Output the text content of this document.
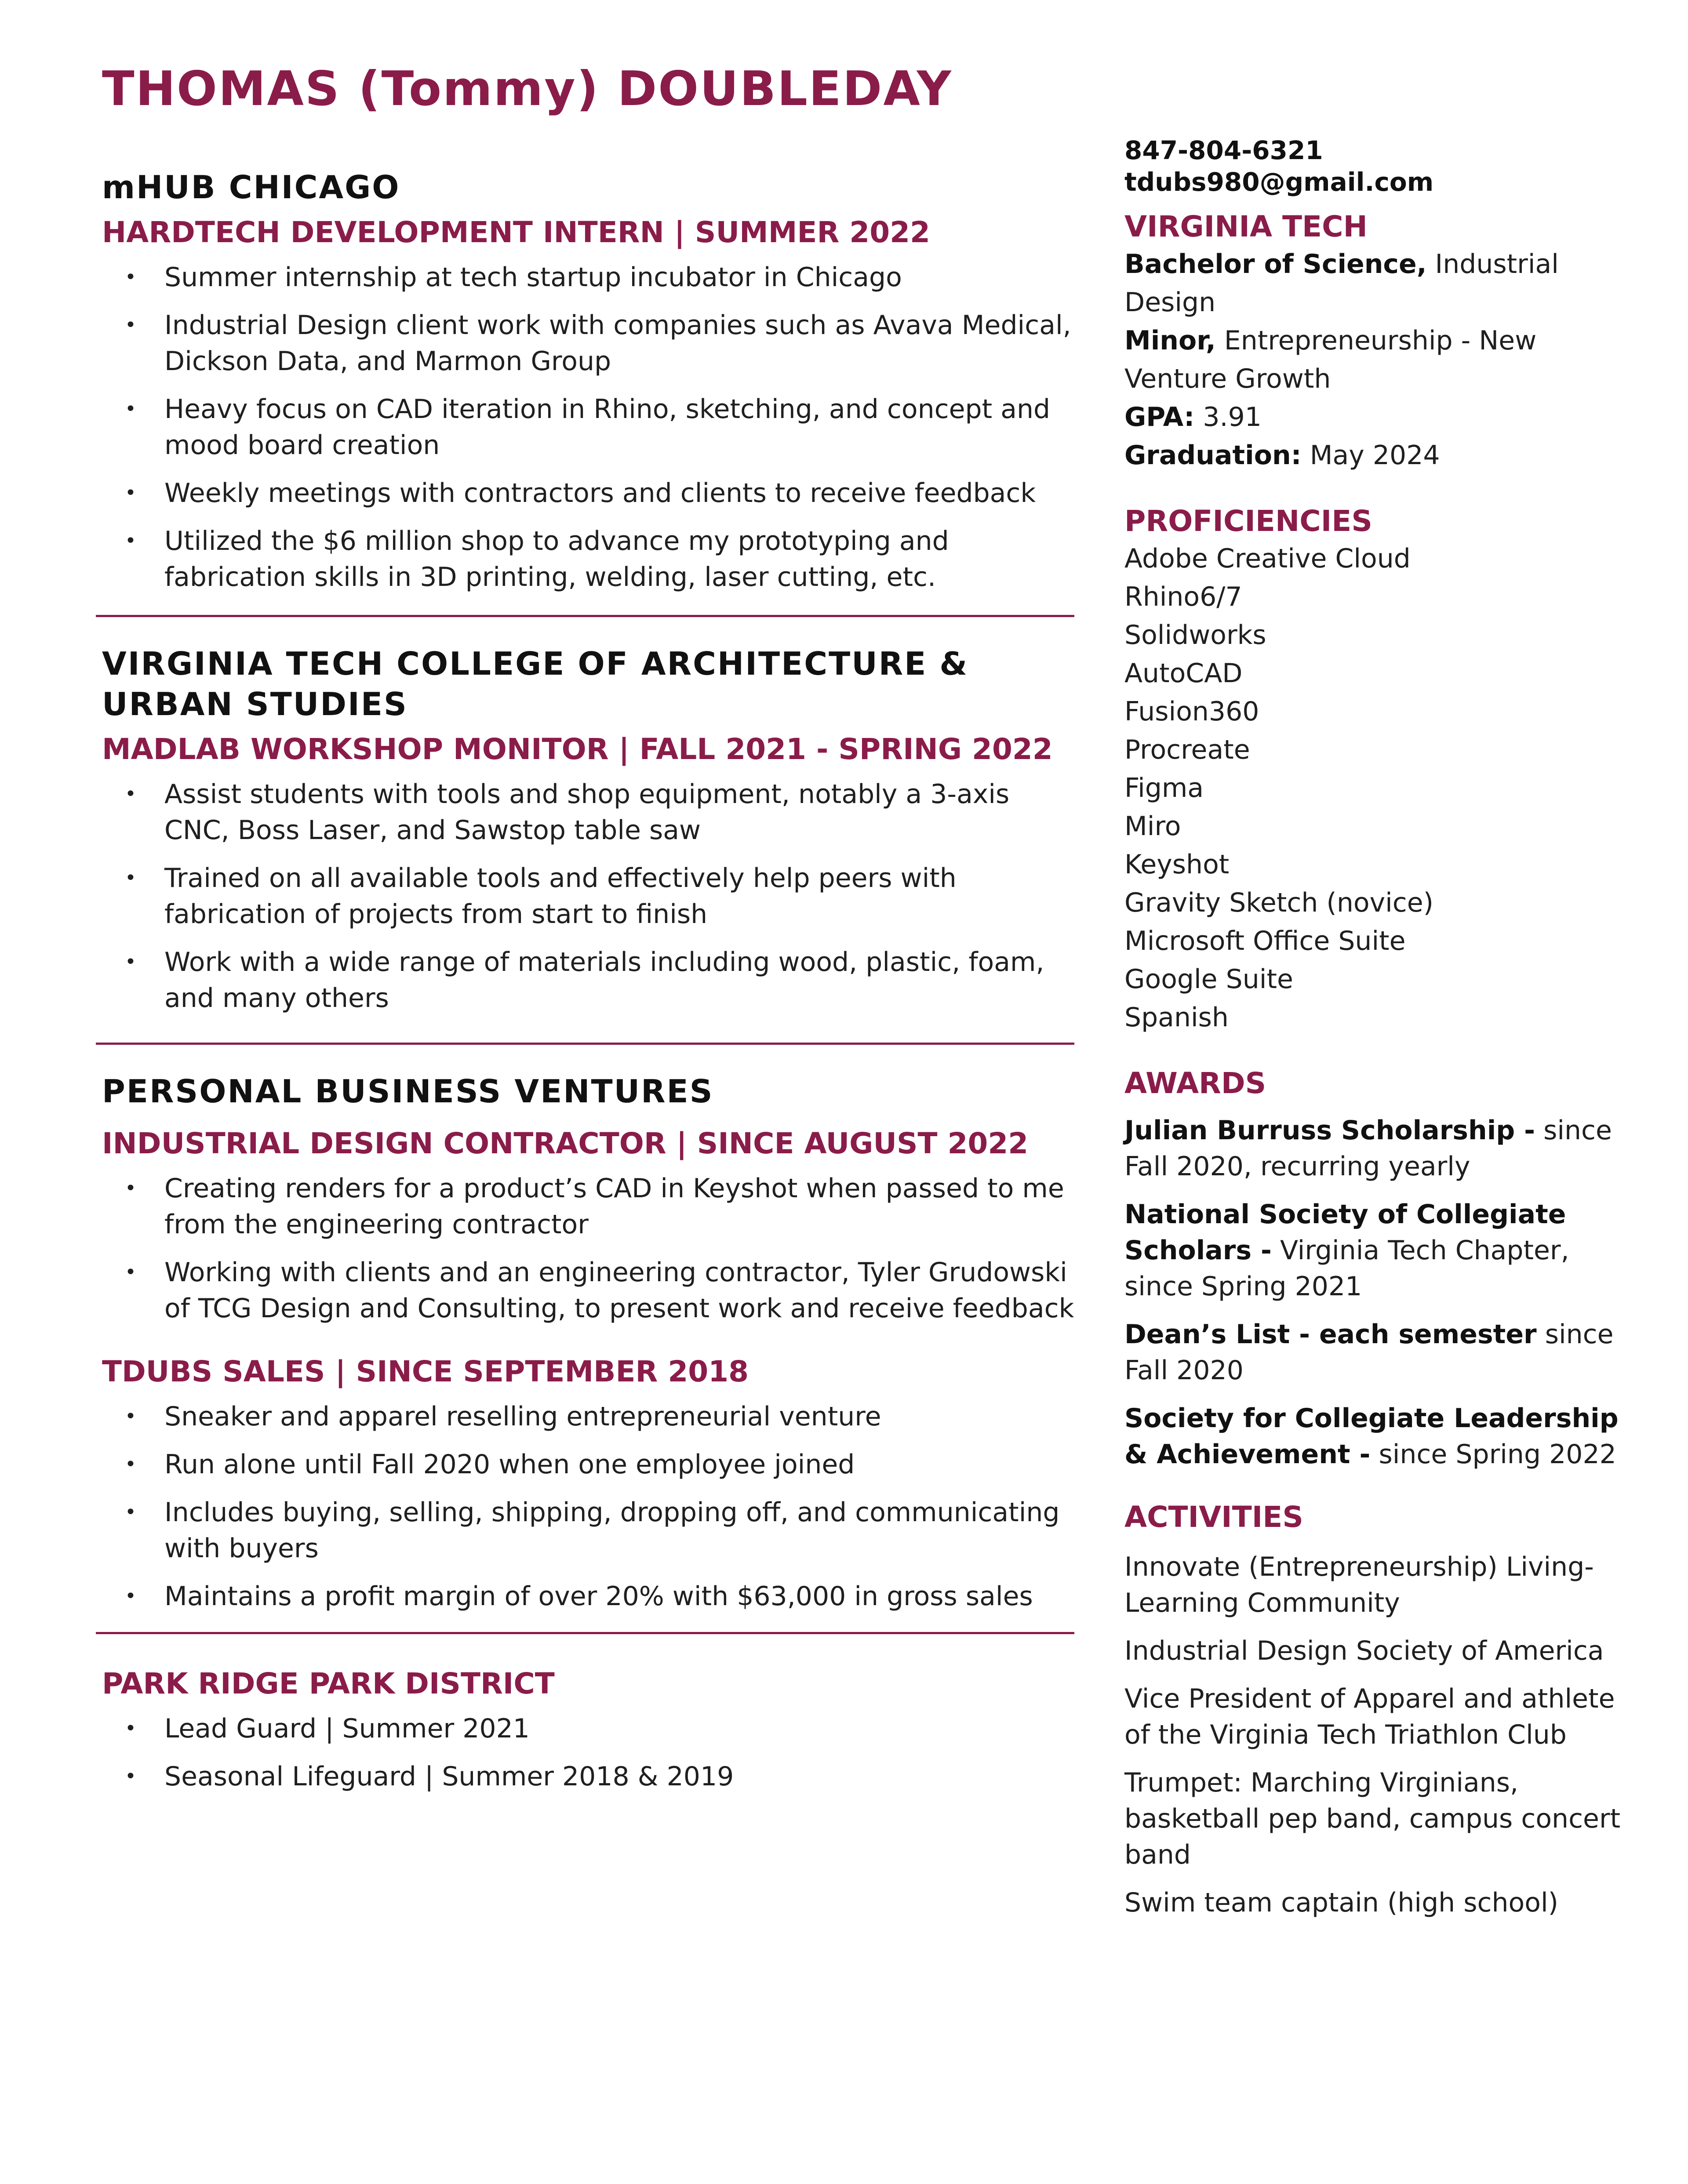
THOMAS (Tommy) DOUBLEDAY
mHUB CHICAGO
HARDTECH DEVELOPMENT INTERN | SUMMER 2022
• Summer internship at tech startup incubator in Chicago
• Industrial Design client work with companies such as Avava Medical, Dickson Data, and Marmon Group
• Heavy focus on CAD iteration in Rhino, sketching, and concept and mood board creation
• Weekly meetings with contractors and clients to receive feedback
• Utilized the $6 million shop to advance my prototyping and fabrication skills in 3D printing, welding, laser cutting, etc.
VIRGINIA TECH COLLEGE OF ARCHITECTURE & URBAN STUDIES
MADLAB WORKSHOP MONITOR | FALL 2021 - SPRING 2022
• Assist students with tools and shop equipment, notably a 3-axis CNC, Boss Laser, and Sawstop table saw
• Trained on all available tools and effectively help peers with fabrication of projects from start to finish
• Work with a wide range of materials including wood, plastic, foam, and many others
PERSONAL BUSINESS VENTURES
INDUSTRIAL DESIGN CONTRACTOR | SINCE AUGUST 2022
• Creating renders for a product’s CAD in Keyshot when passed to me from the engineering contractor
• Working with clients and an engineering contractor, Tyler Grudowski of TCG Design and Consulting, to present work and receive feedback
TDUBS SALES | SINCE SEPTEMBER 2018
• Sneaker and apparel reselling entrepreneurial venture
• Run alone until Fall 2020 when one employee joined
• Includes buying, selling, shipping, dropping off, and communicating with buyers
• Maintains a profit margin of over 20% with $63,000 in gross sales
PARK RIDGE PARK DISTRICT
• Lead Guard | Summer 2021
• Seasonal Lifeguard | Summer 2018 & 2019
847-804-6321
tdubs980@gmail.com
VIRGINIA TECH
Bachelor of Science, Industrial Design
Minor, Entrepreneurship - New Venture Growth
GPA: 3.91
Graduation: May 2024
PROFICIENCIES
Adobe Creative Cloud
Rhino6/7
Solidworks
AutoCAD
Fusion360
Procreate
Figma
Miro
Keyshot
Gravity Sketch (novice)
Microsoft Office Suite
Google Suite
Spanish
AWARDS
Julian Burruss Scholarship - since Fall 2020, recurring yearly
National Society of Collegiate Scholars - Virginia Tech Chapter, since Spring 2021
Dean’s List - each semester since Fall 2020
Society for Collegiate Leadership & Achievement - since Spring 2022
ACTIVITIES
Innovate (Entrepreneurship) Living-Learning Community
Industrial Design Society of America
Vice President of Apparel and athlete of the Virginia Tech Triathlon Club
Trumpet: Marching Virginians, basketball pep band, campus concert band
Swim team captain (high school)
